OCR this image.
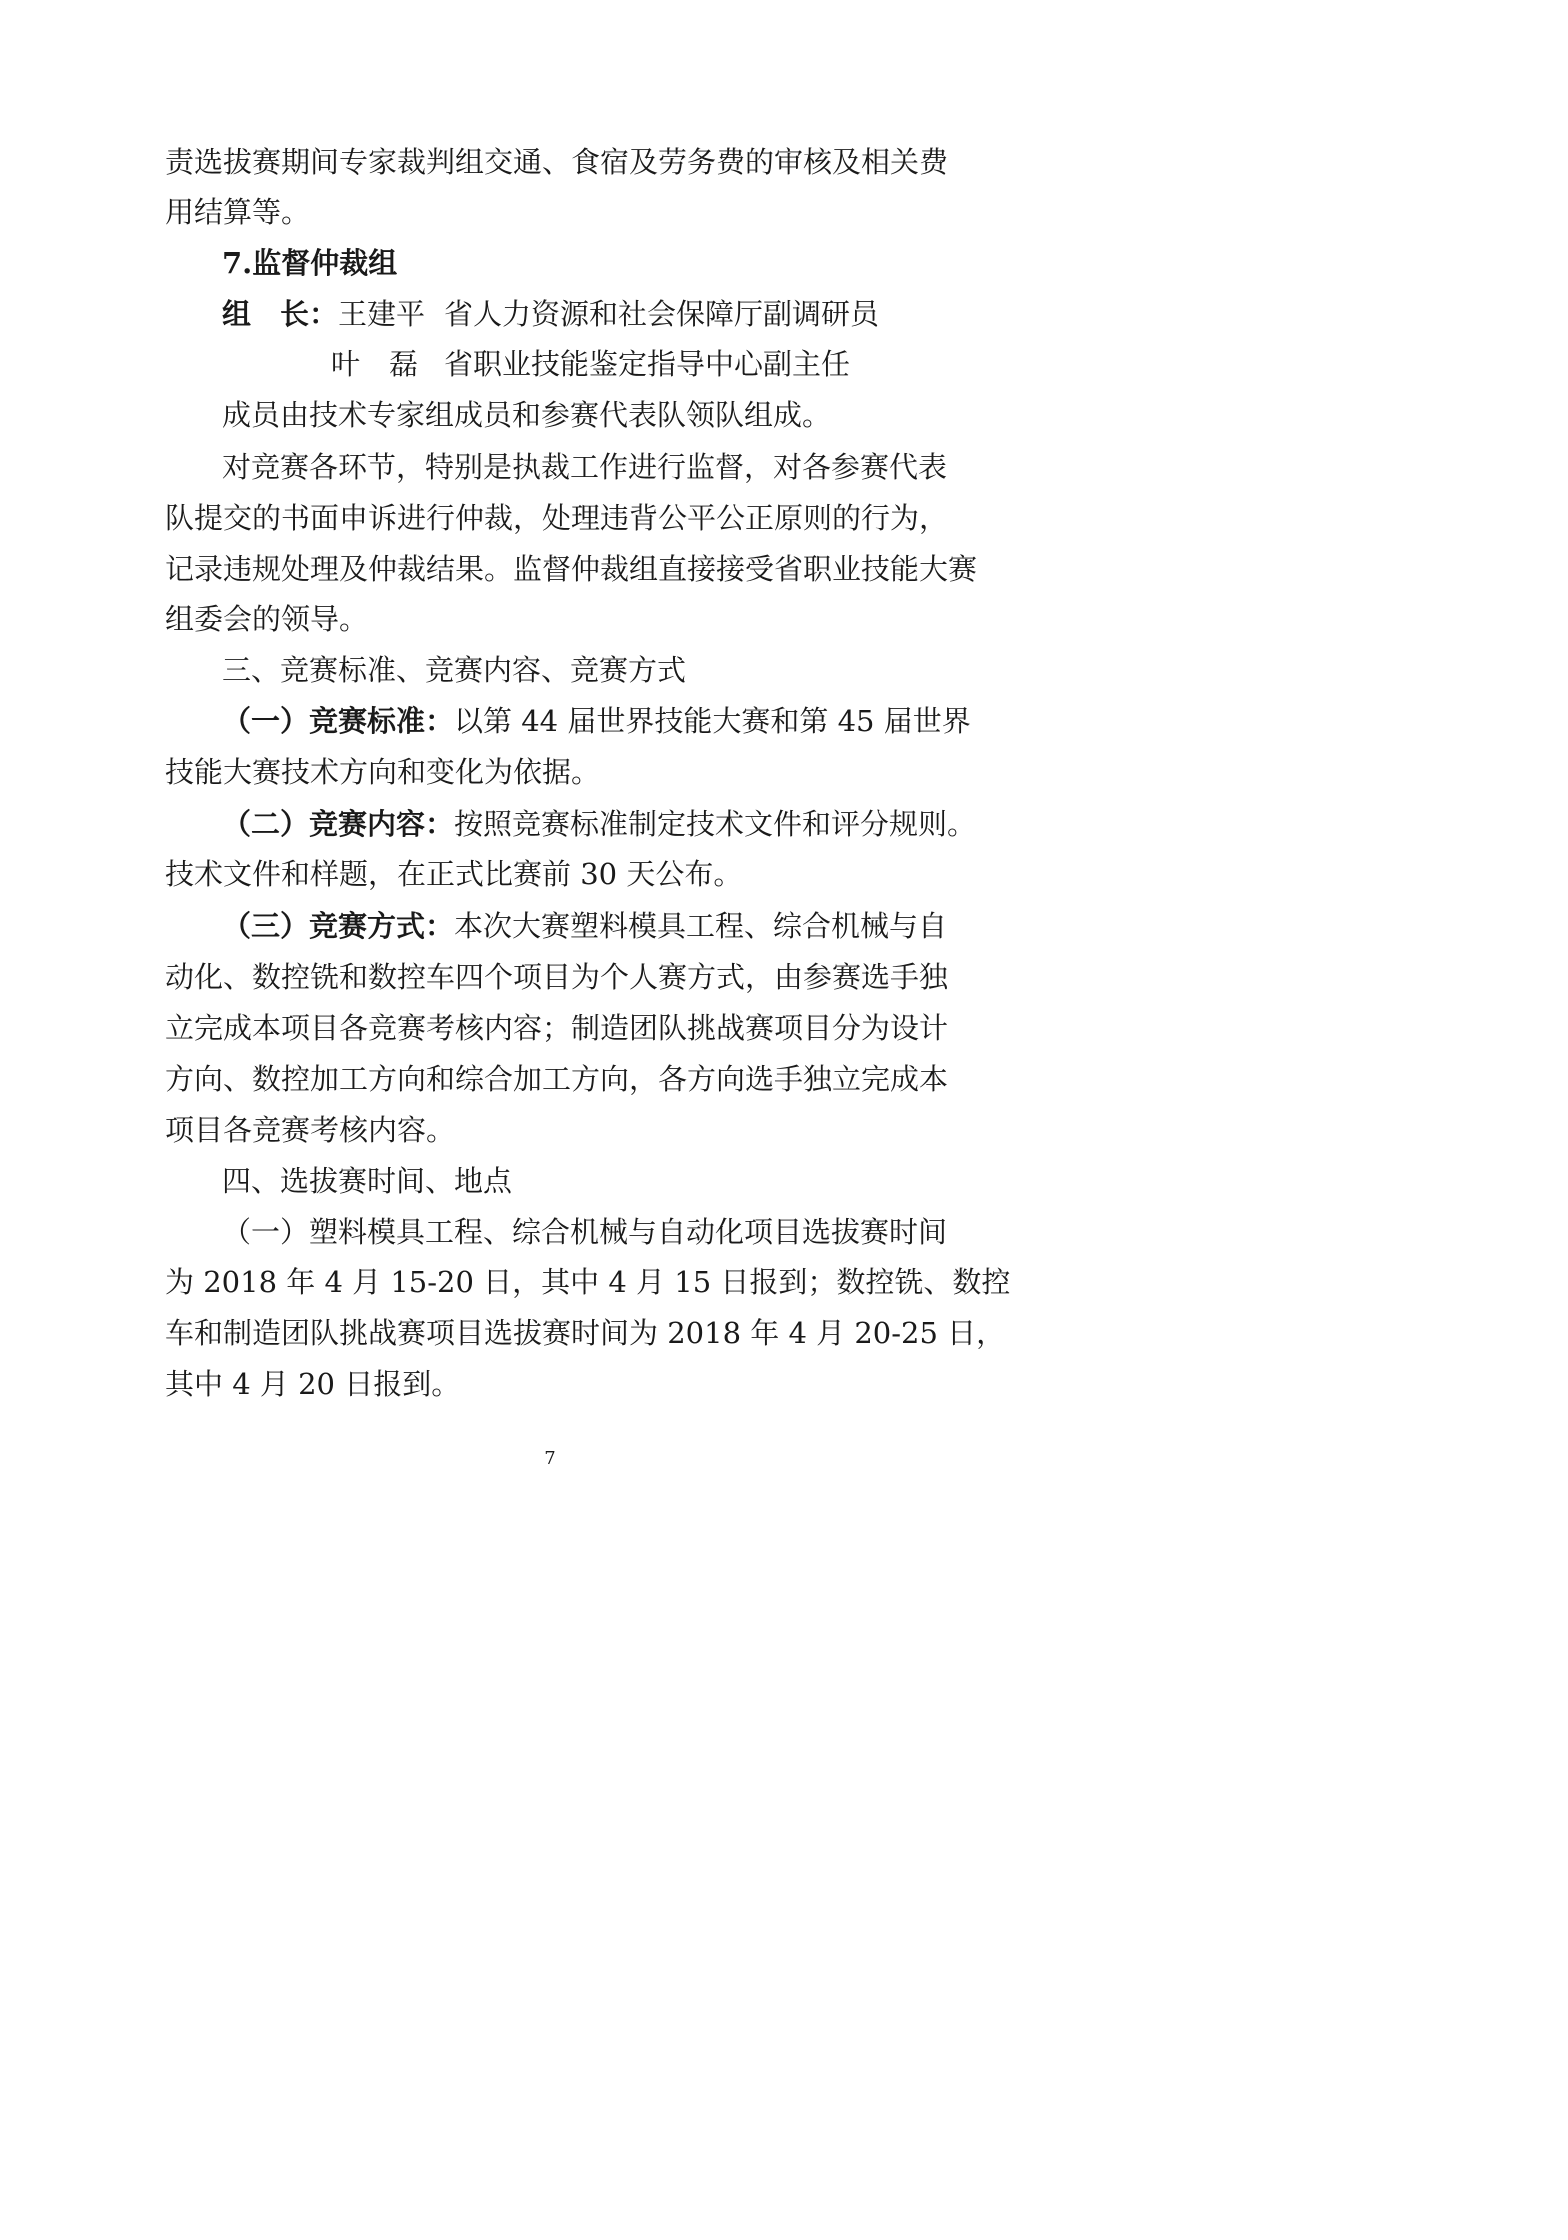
责选拔赛期间专家裁判组交通、食宿及劳务费的审核及相关费

用结算等。

7.监督仲裁组

组　长：王建平 省人力资源和社会保障厅副调研员

叶　磊 省职业技能鉴定指导中心副主任

成员由技术专家组成员和参赛代表队领队组成。

对竞赛各环节，特别是执裁工作进行监督，对各参赛代表

队提交的书面申诉进行仲裁，处理违背公平公正原则的行为，

记录违规处理及仲裁结果。监督仲裁组直接接受省职业技能大赛

组委会的领导。

三、竞赛标准、竞赛内容、竞赛方式

（一）竞赛标准：以第 44 届世界技能大赛和第 45 届世界

技能大赛技术方向和变化为依据。

（二）竞赛内容：按照竞赛标准制定技术文件和评分规则。

技术文件和样题，在正式比赛前 30 天公布。

（三）竞赛方式：本次大赛塑料模具工程、综合机械与自

动化、数控铣和数控车四个项目为个人赛方式，由参赛选手独

立完成本项目各竞赛考核内容；制造团队挑战赛项目分为设计

方向、数控加工方向和综合加工方向，各方向选手独立完成本

项目各竞赛考核内容。

四、选拔赛时间、地点

（一）塑料模具工程、综合机械与自动化项目选拔赛时间

为 2018 年 4 月 15-20 日，其中 4 月 15 日报到；数控铣、数控

车和制造团队挑战赛项目选拔赛时间为 2018 年 4 月 20-25 日，

其中 4 月 20 日报到。

7
